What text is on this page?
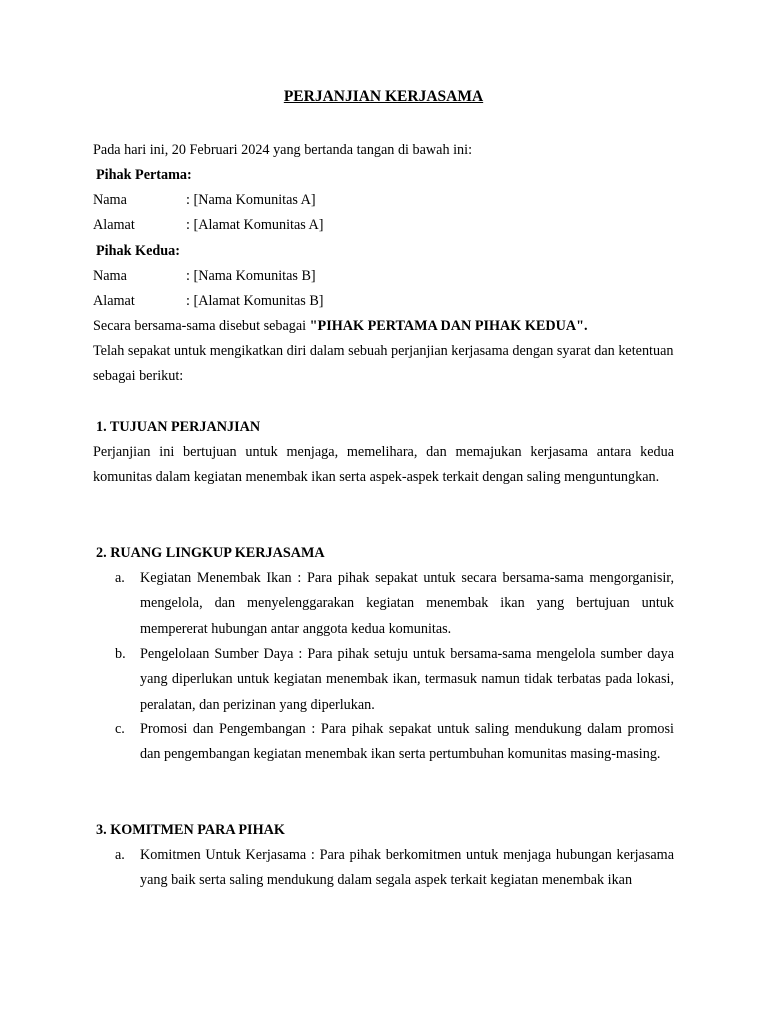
PERJANJIAN KERJASAMA
Pada hari ini, 20 Februari 2024 yang bertanda tangan di bawah ini:
Pihak Pertama:
Nama	: [Nama Komunitas A]
Alamat	: [Alamat Komunitas A]
Pihak Kedua:
Nama	: [Nama Komunitas B]
Alamat	: [Alamat Komunitas B]
Secara bersama-sama disebut sebagai "PIHAK PERTAMA DAN PIHAK KEDUA".
Telah sepakat untuk mengikatkan diri dalam sebuah perjanjian kerjasama dengan syarat dan ketentuan sebagai berikut:
1. TUJUAN PERJANJIAN
Perjanjian ini bertujuan untuk menjaga, memelihara, dan memajukan kerjasama antara kedua komunitas dalam kegiatan menembak ikan serta aspek-aspek terkait dengan saling menguntungkan.
2. RUANG LINGKUP KERJASAMA
a. Kegiatan Menembak Ikan : Para pihak sepakat untuk secara bersama-sama mengorganisir, mengelola, dan menyelenggarakan kegiatan menembak ikan yang bertujuan untuk mempererat hubungan antar anggota kedua komunitas.
b. Pengelolaan Sumber Daya : Para pihak setuju untuk bersama-sama mengelola sumber daya yang diperlukan untuk kegiatan menembak ikan, termasuk namun tidak terbatas pada lokasi, peralatan, dan perizinan yang diperlukan.
c. Promosi dan Pengembangan : Para pihak sepakat untuk saling mendukung dalam promosi dan pengembangan kegiatan menembak ikan serta pertumbuhan komunitas masing-masing.
3. KOMITMEN PARA PIHAK
a. Komitmen Untuk Kerjasama : Para pihak berkomitmen untuk menjaga hubungan kerjasama yang baik serta saling mendukung dalam segala aspek terkait kegiatan menembak ikan
